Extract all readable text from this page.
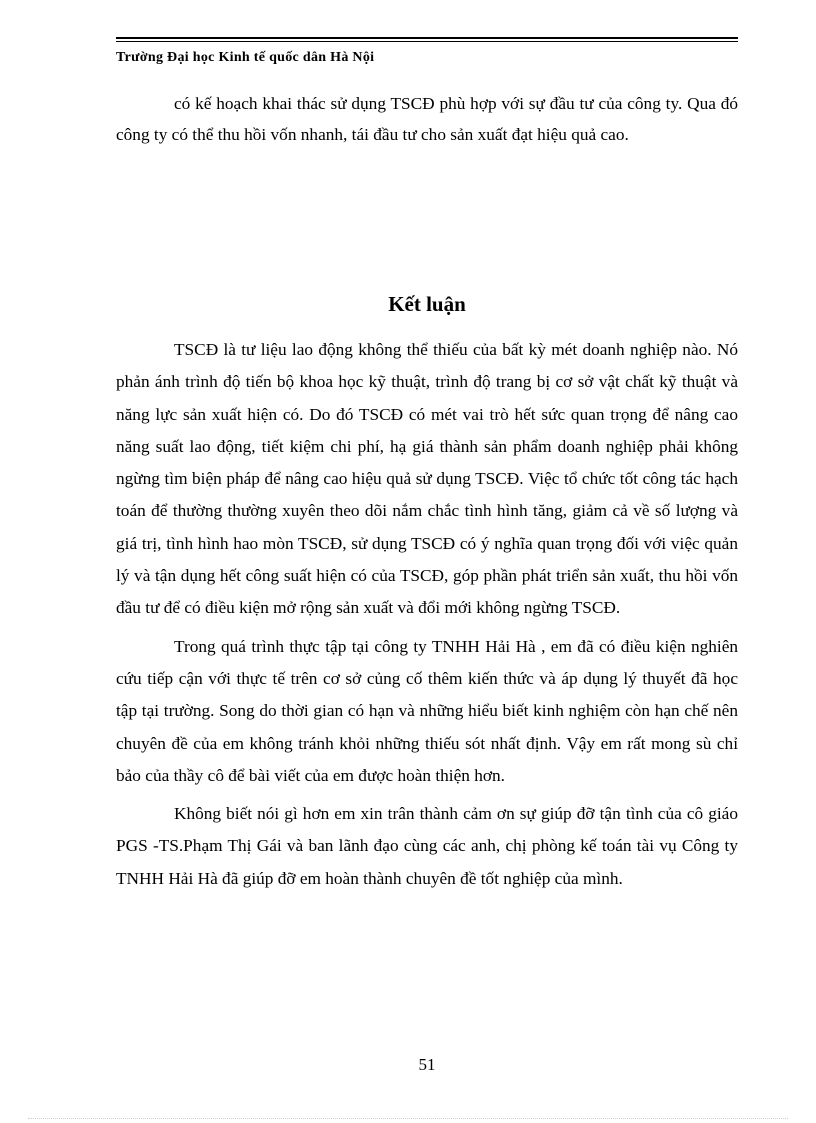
Trường Đại học Kinh tế quốc dân Hà Nội

có kế hoạch khai thác sử dụng TSCĐ phù hợp với sự đầu tư của công ty. Qua đó công ty có thể thu hồi vốn nhanh, tái đầu tư cho sản xuất đạt hiệu quả cao.

Kết luận

TSCĐ là tư liệu lao động không thể thiếu của bất kỳ mét doanh nghiệp nào. Nó phản ánh trình độ tiến bộ khoa học kỹ thuật, trình độ trang bị cơ sở vật chất kỹ thuật và năng lực sản xuất hiện có. Do đó TSCĐ có mét vai trò hết sức quan trọng để nâng cao năng suất lao động, tiết kiệm chi phí, hạ giá thành sản phẩm doanh nghiệp phải không ngừng tìm biện pháp để nâng cao hiệu quả sử dụng TSCĐ. Việc tổ chức tốt công tác hạch toán để thường thường xuyên theo dõi nắm chắc tình hình tăng, giảm cả về số lượng và giá trị, tình hình hao mòn TSCĐ, sử dụng TSCĐ có ý nghĩa quan trọng đối với việc quản lý và tận dụng hết công suất hiện có của TSCĐ, góp phần phát triển sản xuất, thu hồi vốn đầu tư để có điều kiện mở rộng sản xuất và đổi mới không ngừng TSCĐ.

Trong quá trình thực tập tại công ty TNHH Hải Hà , em đã có điều kiện nghiên cứu tiếp cận với thực tế trên cơ sở củng cố thêm kiến thức và áp dụng lý thuyết đã học tập tại trường. Song do thời gian có hạn và những hiểu biết kinh nghiệm còn hạn chế nên chuyên đề của em không tránh khỏi những thiếu sót nhất định. Vậy em rất mong sù chỉ bảo của thầy cô để bài viết của em được hoàn thiện hơn.

Không biết nói gì hơn em xin trân thành cảm ơn sự giúp đỡ tận tình của cô giáo PGS -TS.Phạm Thị Gái và ban lãnh đạo cùng các anh, chị phòng kế toán tài vụ Công ty TNHH Hải Hà đã giúp đỡ em hoàn thành chuyên đề tốt nghiệp của mình.

51
